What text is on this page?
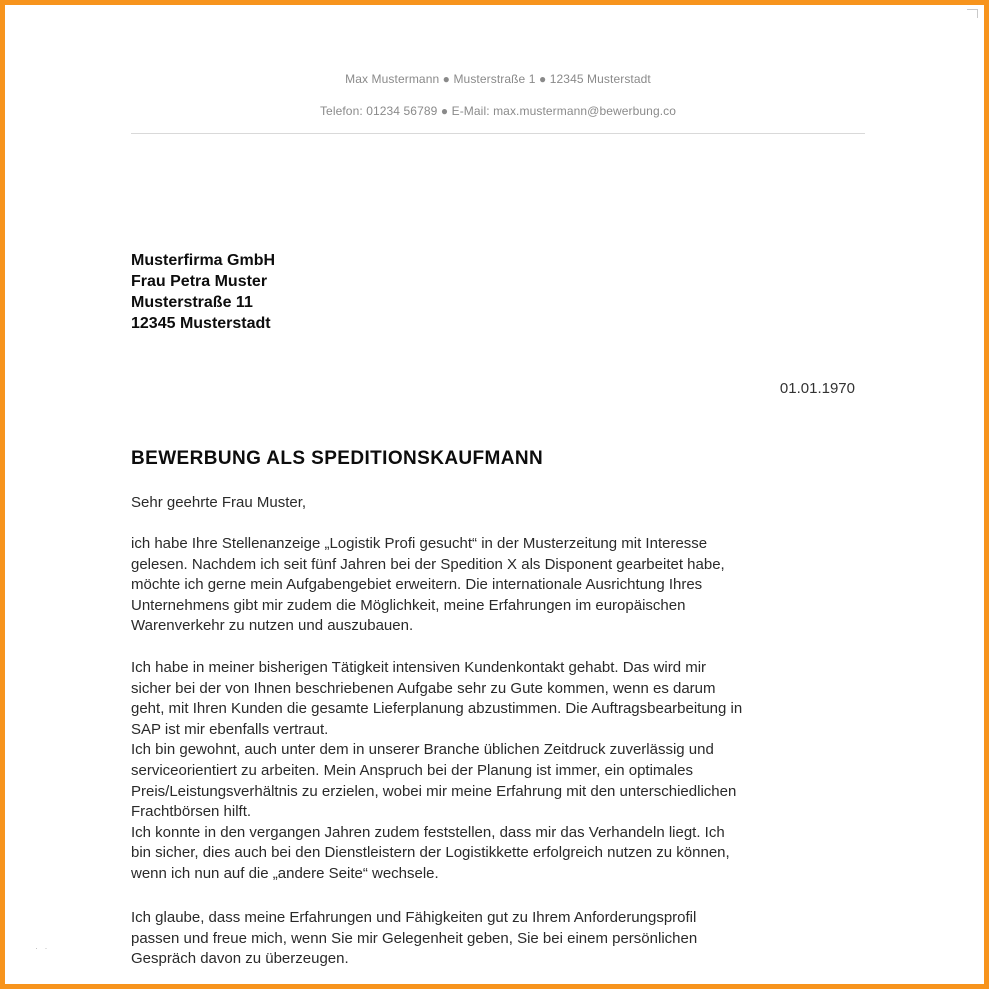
Max Mustermann ● Musterstraße 1 ● 12345 Musterstadt
Telefon: 01234 56789 ● E-Mail: max.mustermann@bewerbung.co
Musterfirma GmbH
Frau Petra Muster
Musterstraße 11
12345 Musterstadt
01.01.1970
BEWERBUNG ALS SPEDITIONSKAUFMANN
Sehr geehrte Frau Muster,
ich habe Ihre Stellenanzeige „Logistik Profi gesucht“ in der Musterzeitung mit Interesse
gelesen. Nachdem ich seit fünf Jahren bei der Spedition X als Disponent gearbeitet habe,
möchte ich gerne mein Aufgabengebiet erweitern. Die internationale Ausrichtung Ihres
Unternehmens gibt mir zudem die Möglichkeit, meine Erfahrungen im europäischen
Warenverkehr zu nutzen und auszubauen.
Ich habe in meiner bisherigen Tätigkeit intensiven Kundenkontakt gehabt. Das wird mir
sicher bei der von Ihnen beschriebenen Aufgabe sehr zu Gute kommen, wenn es darum
geht, mit Ihren Kunden die gesamte Lieferplanung abzustimmen. Die Auftragsbearbeitung in
SAP ist mir ebenfalls vertraut.
Ich bin gewohnt, auch unter dem in unserer Branche üblichen Zeitdruck zuverlässig und
serviceorientiert zu arbeiten. Mein Anspruch bei der Planung ist immer, ein optimales
Preis/Leistungsverhältnis zu erzielen, wobei mir meine Erfahrung mit den unterschiedlichen
Frachtbörsen hilft.
Ich konnte in den vergangen Jahren zudem feststellen, dass mir das Verhandeln liegt. Ich
bin sicher, dies auch bei den Dienstleistern der Logistikkette erfolgreich nutzen zu können,
wenn ich nun auf die „andere Seite“ wechsele.
Ich glaube, dass meine Erfahrungen und Fähigkeiten gut zu Ihrem Anforderungsprofil
passen und freue mich, wenn Sie mir Gelegenheit geben, Sie bei einem persönlichen
Gespräch davon zu überzeugen.
· ·
